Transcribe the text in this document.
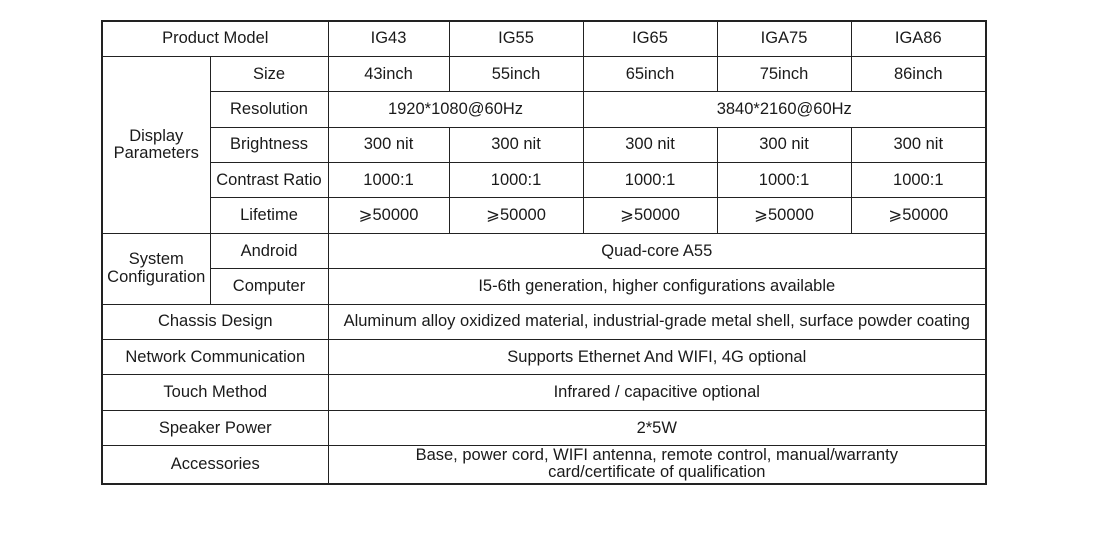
Product Model		IG43	IG55	IG65	IGA75	IGA86
Display
Parameters	Size	43inch	55inch	65inch	75inch	86inch
	Resolution	1920*1080@60Hz		3840*2160@60Hz		
	Brightness	300 nit	300 nit	300 nit	300 nit	300 nit
	Contrast Ratio	1000:1	1000:1	1000:1	1000:1	1000:1
	Lifetime	⩾50000	⩾50000	⩾50000	⩾50000	⩾50000
System
Configuration	Android	Quad-core A55				
	Computer	I5-6th generation, higher configurations available				
Chassis Design		Aluminum alloy oxidized material, industrial-grade metal shell, surface powder coating				
Network Communication		Supports Ethernet And WIFI, 4G optional				
Touch Method		Infrared / capacitive optional				
Speaker Power		2*5W				
Accessories		Base, power cord, WIFI antenna, remote control, manual/warranty card/certificate of qualification				
